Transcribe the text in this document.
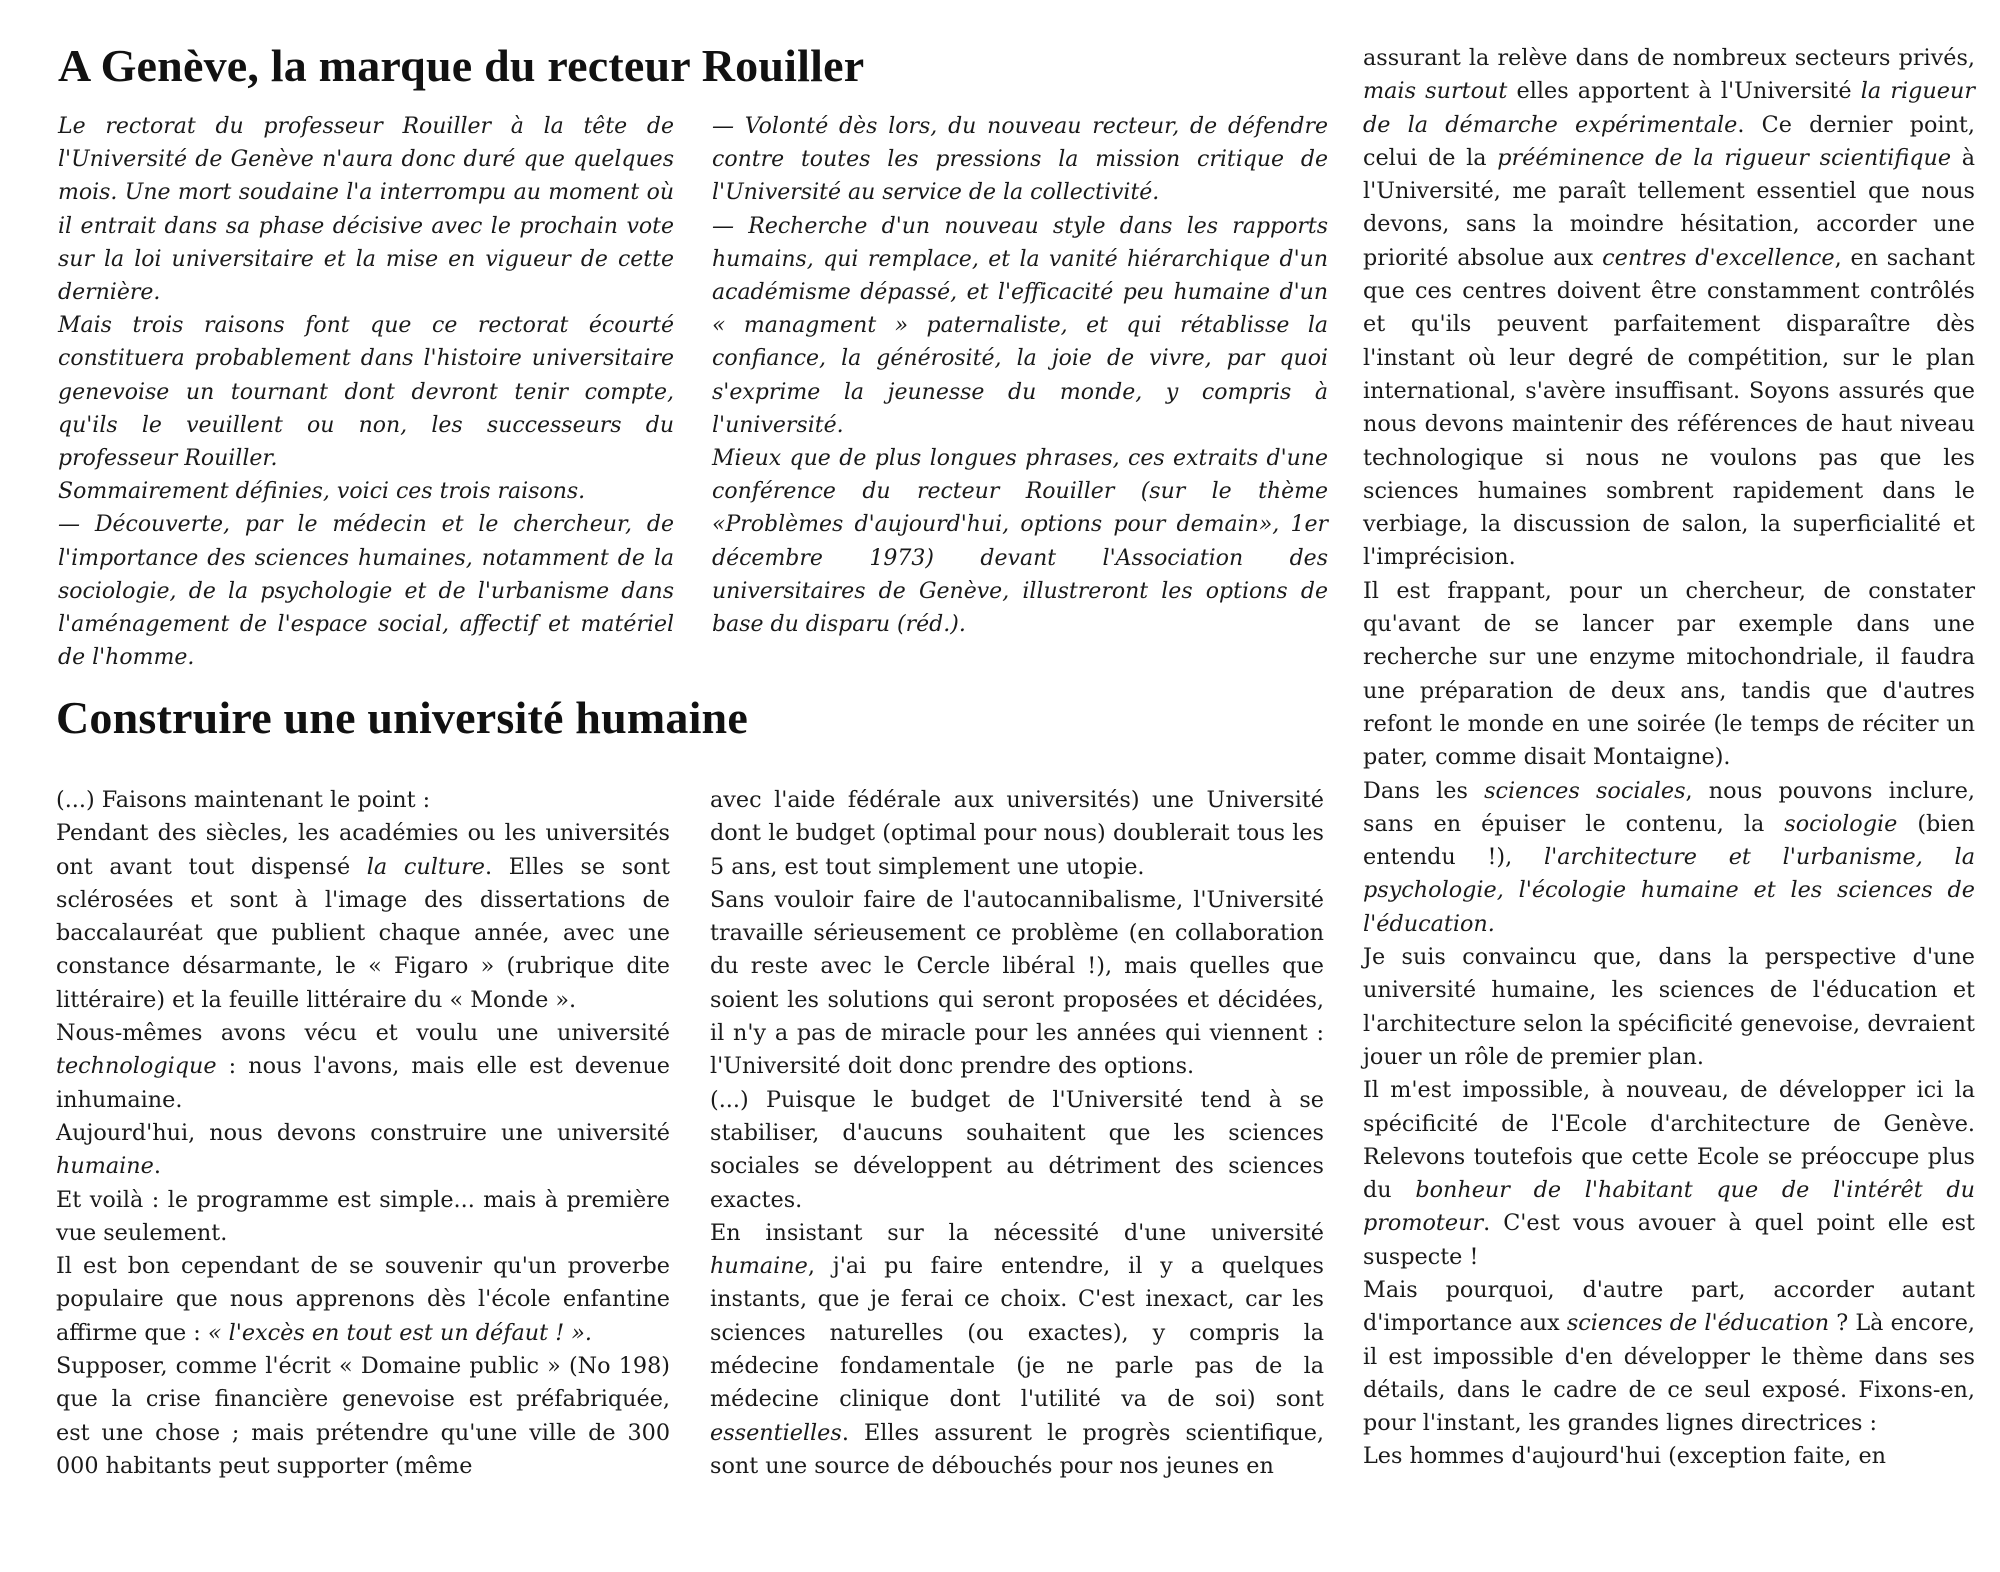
A Genève, la marque du recteur Rouiller

Le rectorat du professeur Rouiller à la tête de l'Université de Genève n'aura donc duré que quelques mois. Une mort soudaine l'a interrompu au moment où il entrait dans sa phase décisive avec le prochain vote sur la loi universitaire et la mise en vigueur de cette dernière.

Mais trois raisons font que ce rectorat écourté constituera probablement dans l'histoire universitaire genevoise un tournant dont devront tenir compte, qu'ils le veuillent ou non, les successeurs du professeur Rouiller.

Sommairement définies, voici ces trois raisons.

— Découverte, par le médecin et le chercheur, de l'importance des sciences humaines, notamment de la sociologie, de la psychologie et de l'urbanisme dans l'aménagement de l'espace social, affectif et matériel de l'homme.

— Volonté dès lors, du nouveau recteur, de défendre contre toutes les pressions la mission critique de l'Université au service de la collectivité.

— Recherche d'un nouveau style dans les rapports humains, qui remplace, et la vanité hiérarchique d'un académisme dépassé, et l'efficacité peu humaine d'un « managment » paternaliste, et qui rétablisse la confiance, la générosité, la joie de vivre, par quoi s'exprime la jeunesse du monde, y compris à l'université.

Mieux que de plus longues phrases, ces extraits d'une conférence du recteur Rouiller (sur le thème «Problèmes d'aujourd'hui, options pour demain», 1er décembre 1973) devant l'Association des universitaires de Genève, illustreront les options de base du disparu (réd.).

Construire une université humaine

(...) Faisons maintenant le point :

Pendant des siècles, les académies ou les universités ont avant tout dispensé la culture. Elles se sont sclérosées et sont à l'image des dissertations de baccalauréat que publient chaque année, avec une constance désarmante, le « Figaro » (rubrique dite littéraire) et la feuille littéraire du « Monde ».

Nous-mêmes avons vécu et voulu une université technologique : nous l'avons, mais elle est devenue inhumaine.

Aujourd'hui, nous devons construire une université humaine.

Et voilà : le programme est simple... mais à première vue seulement.

Il est bon cependant de se souvenir qu'un proverbe populaire que nous apprenons dès l'école enfantine affirme que : « l'excès en tout est un défaut ! ».

Supposer, comme l'écrit « Domaine public » (No 198) que la crise financière genevoise est préfabriquée, est une chose ; mais prétendre qu'une ville de 300 000 habitants peut supporter (même

avec l'aide fédérale aux universités) une Université dont le budget (optimal pour nous) doublerait tous les 5 ans, est tout simplement une utopie.

Sans vouloir faire de l'autocannibalisme, l'Université travaille sérieusement ce problème (en collaboration du reste avec le Cercle libéral !), mais quelles que soient les solutions qui seront proposées et décidées, il n'y a pas de miracle pour les années qui viennent : l'Université doit donc prendre des options.

(...) Puisque le budget de l'Université tend à se stabiliser, d'aucuns souhaitent que les sciences sociales se développent au détriment des sciences exactes.

En insistant sur la nécessité d'une université humaine, j'ai pu faire entendre, il y a quelques instants, que je ferai ce choix. C'est inexact, car les sciences naturelles (ou exactes), y compris la médecine fondamentale (je ne parle pas de la médecine clinique dont l'utilité va de soi) sont essentielles. Elles assurent le progrès scientifique, sont une source de débouchés pour nos jeunes en

assurant la relève dans de nombreux secteurs privés, mais surtout elles apportent à l'Université la rigueur de la démarche expérimentale. Ce dernier point, celui de la prééminence de la rigueur scientifique à l'Université, me paraît tellement essentiel que nous devons, sans la moindre hésitation, accorder une priorité absolue aux centres d'excellence, en sachant que ces centres doivent être constamment contrôlés et qu'ils peuvent parfaitement disparaître dès l'instant où leur degré de compétition, sur le plan international, s'avère insuffisant. Soyons assurés que nous devons maintenir des références de haut niveau technologique si nous ne voulons pas que les sciences humaines sombrent rapidement dans le verbiage, la discussion de salon, la superficialité et l'imprécision.

Il est frappant, pour un chercheur, de constater qu'avant de se lancer par exemple dans une recherche sur une enzyme mitochondriale, il faudra une préparation de deux ans, tandis que d'autres refont le monde en une soirée (le temps de réciter un pater, comme disait Montaigne).

Dans les sciences sociales, nous pouvons inclure, sans en épuiser le contenu, la sociologie (bien entendu !), l'architecture et l'urbanisme, la psychologie, l'écologie humaine et les sciences de l'éducation.

Je suis convaincu que, dans la perspective d'une université humaine, les sciences de l'éducation et l'architecture selon la spécificité genevoise, devraient jouer un rôle de premier plan.

Il m'est impossible, à nouveau, de développer ici la spécificité de l'Ecole d'architecture de Genève. Relevons toutefois que cette Ecole se préoccupe plus du bonheur de l'habitant que de l'intérêt du promoteur. C'est vous avouer à quel point elle est suspecte !

Mais pourquoi, d'autre part, accorder autant d'importance aux sciences de l'éducation ? Là encore, il est impossible d'en développer le thème dans ses détails, dans le cadre de ce seul exposé. Fixons-en, pour l'instant, les grandes lignes directrices :

Les hommes d'aujourd'hui (exception faite, en
